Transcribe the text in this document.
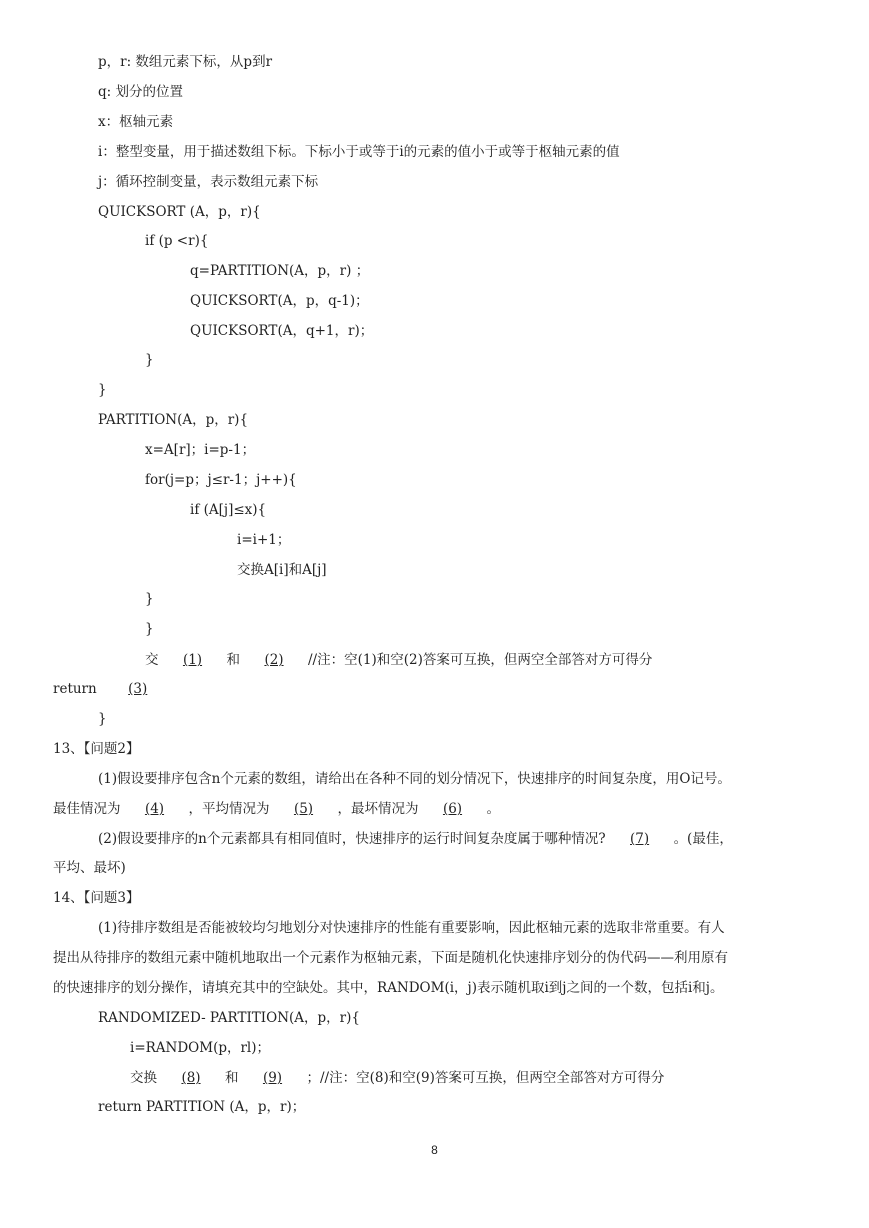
p，r: 数组元素下标，从p到r
q: 划分的位置
x：枢轴元素
i：整型变量，用于描述数组下标。下标小于或等于i的元素的值小于或等于枢轴元素的值
j：循环控制变量，表示数组元素下标
QUICKSORT (A，p，r){
if (p <r){
q=PARTITION(A，p，r) ；
QUICKSORT(A，p，q-1)；
QUICKSORT(A，q+1，r)；
}
}
PARTITION(A，p，r){
x=A[r]；i=p-1；
for(j=p；j≤r-1；j++){
if (A[j]≤x){
i=i+1；
交换A[i]和A[j]
}
}
交 (1) 和 (2) //注：空(1)和空(2)答案可互换，但两空全部答对方可得分
return (3)
}
13、【问题2】
(1)假设要排序包含n个元素的数组，请给出在各种不同的划分情况下，快速排序的时间复杂度，用O记号。
最佳情况为 (4) ，平均情况为 (5) ，最坏情况为 (6) 。
(2)假设要排序的n个元素都具有相同值时，快速排序的运行时间复杂度属于哪种情况? (7) 。(最佳，
平均、最坏)
14、【问题3】
(1)待排序数组是否能被较均匀地划分对快速排序的性能有重要影响，因此枢轴元素的选取非常重要。有人
提出从待排序的数组元素中随机地取出一个元素作为枢轴元素，下面是随机化快速排序划分的伪代码——利用原有
的快速排序的划分操作，请填充其中的空缺处。其中，RANDOM(i，j)表示随机取i到j之间的一个数，包括i和j。
RANDOMIZED- PARTITION(A，p，r){
i=RANDOM(p，rl)；
交换 (8) 和 (9) ；//注：空(8)和空(9)答案可互换，但两空全部答对方可得分
return PARTITION (A，p，r)；
8
